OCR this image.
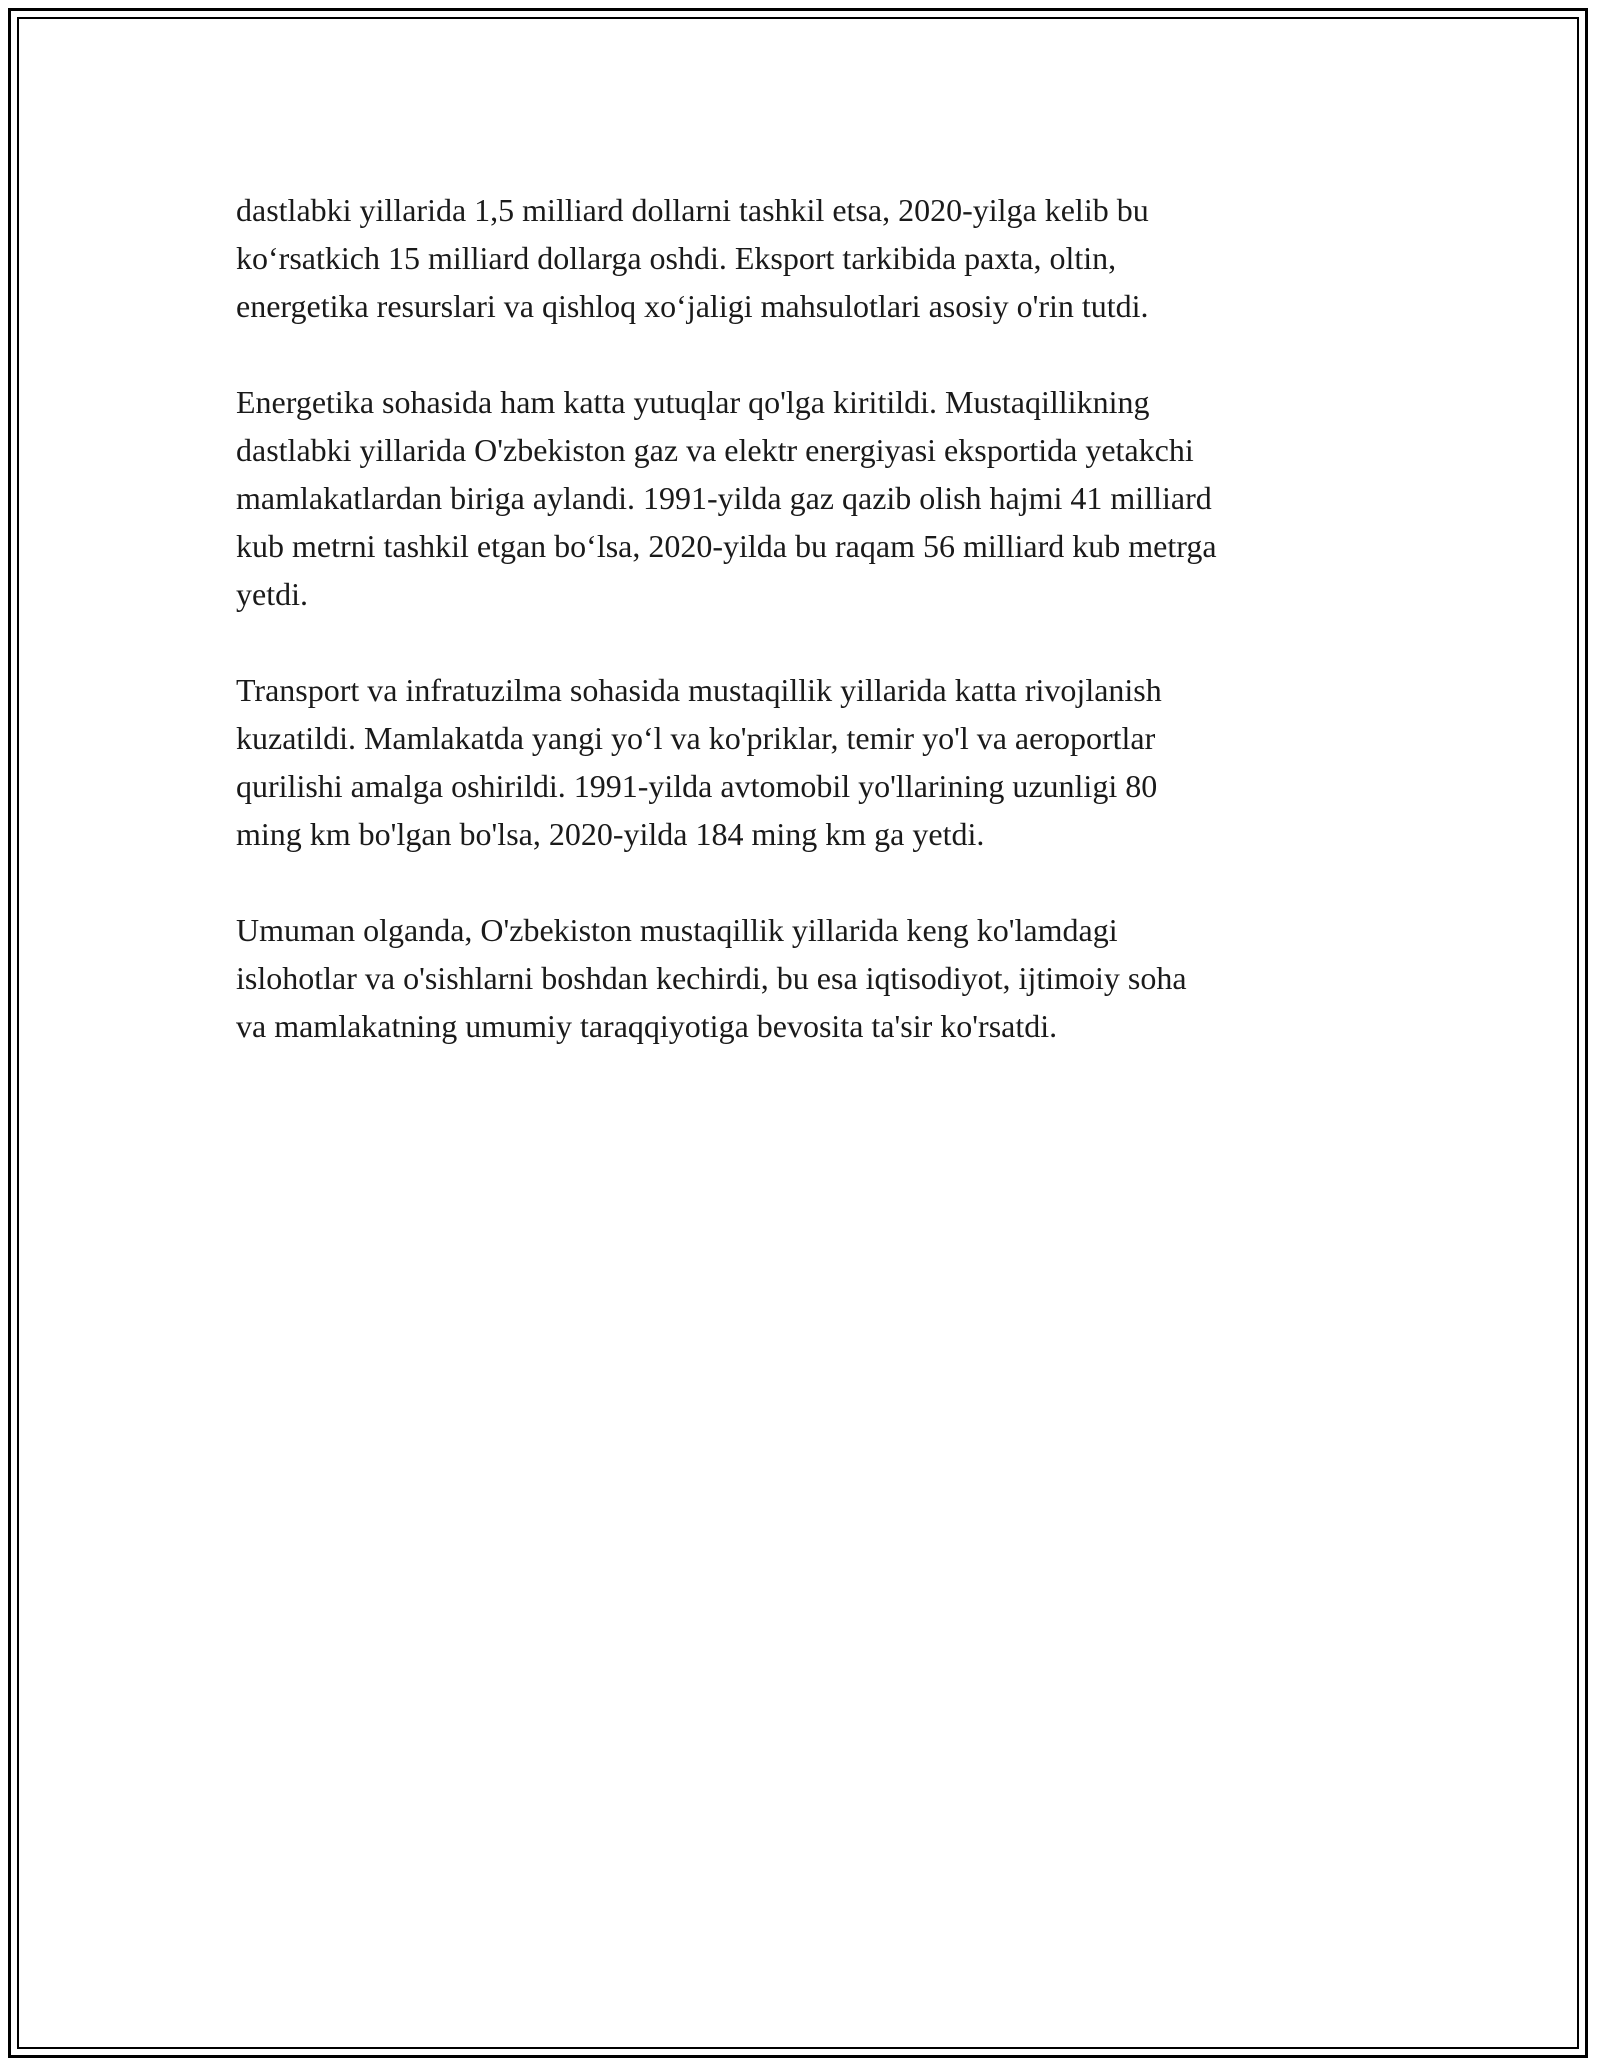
dastlabki yillarida 1,5 milliard dollarni tashkil etsa, 2020-yilga kelib bu
ko‘rsatkich 15 milliard dollarga oshdi. Eksport tarkibida paxta, oltin,
energetika resurslari va qishloq xo‘jaligi mahsulotlari asosiy o'rin tutdi.

Energetika sohasida ham katta yutuqlar qo'lga kiritildi. Mustaqillikning
dastlabki yillarida O'zbekiston gaz va elektr energiyasi eksportida yetakchi
mamlakatlardan biriga aylandi. 1991-yilda gaz qazib olish hajmi 41 milliard
kub metrni tashkil etgan bo‘lsa, 2020-yilda bu raqam 56 milliard kub metrga
yetdi.

Transport va infratuzilma sohasida mustaqillik yillarida katta rivojlanish
kuzatildi. Mamlakatda yangi yo‘l va ko'priklar, temir yo'l va aeroportlar
qurilishi amalga oshirildi. 1991-yilda avtomobil yo'llarining uzunligi 80
ming km bo'lgan bo'lsa, 2020-yilda 184 ming km ga yetdi.

Umuman olganda, O'zbekiston mustaqillik yillarida keng ko'lamdagi
islohotlar va o'sishlarni boshdan kechirdi, bu esa iqtisodiyot, ijtimoiy soha
va mamlakatning umumiy taraqqiyotiga bevosita ta'sir ko'rsatdi.
